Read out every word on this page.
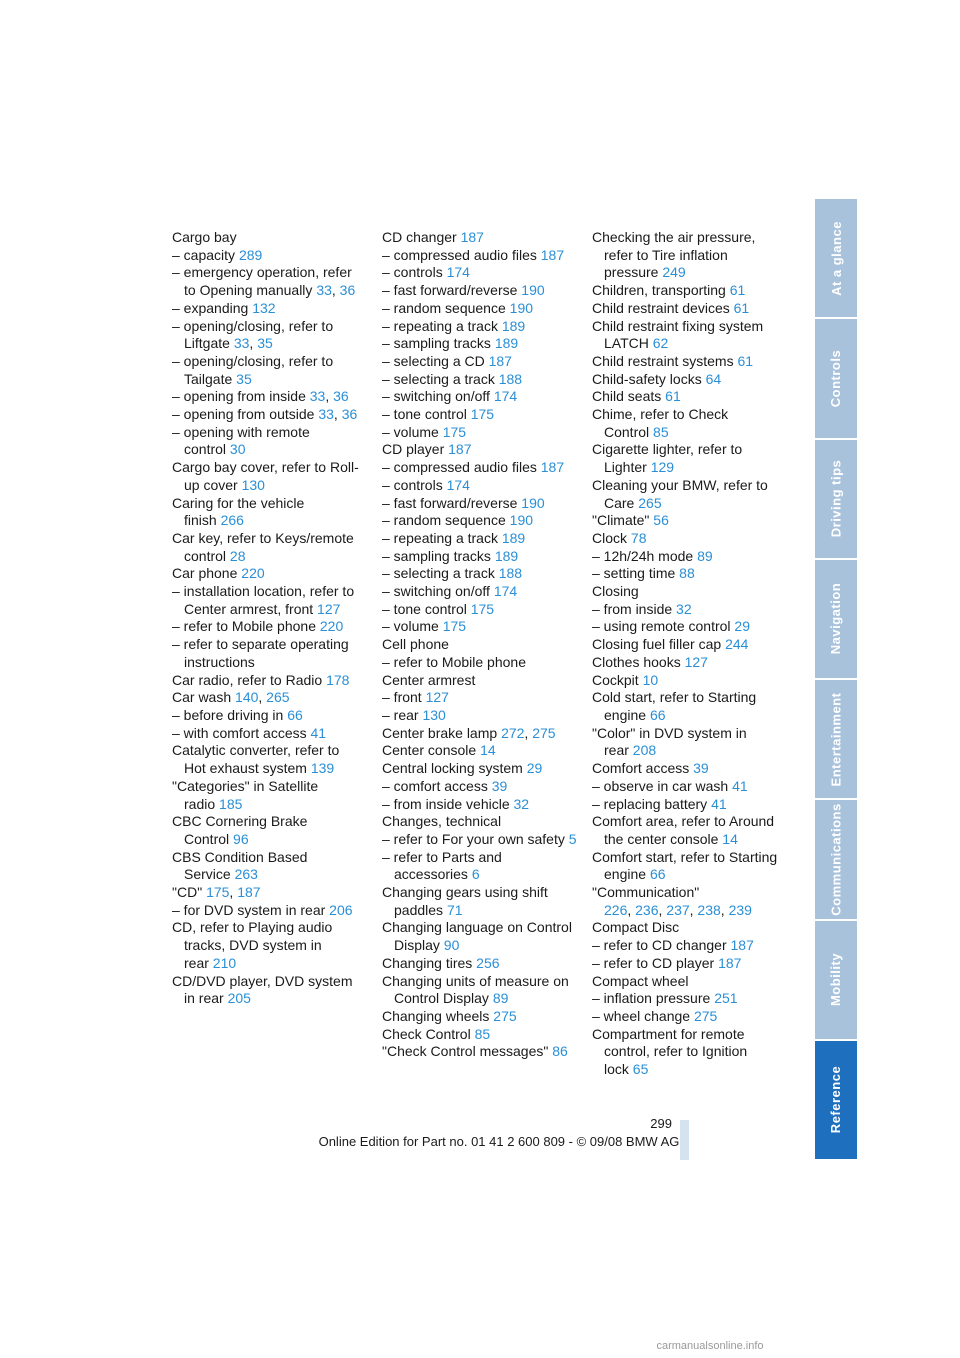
Cargo bay
– capacity 289
– emergency operation, refer to Opening manually 33, 36
– expanding 132
– opening/closing, refer to Liftgate 33, 35
– opening/closing, refer to Tailgate 35
– opening from inside 33, 36
– opening from outside 33, 36
– opening with remote control 30
Cargo bay cover, refer to Roll-up cover 130
Caring for the vehicle finish 266
Car key, refer to Keys/remote control 28
Car phone 220
– installation location, refer to Center armrest, front 127
– refer to Mobile phone 220
– refer to separate operating instructions
Car radio, refer to Radio 178
Car wash 140, 265
– before driving in 66
– with comfort access 41
Catalytic converter, refer to Hot exhaust system 139
"Categories" in Satellite radio 185
CBC Cornering Brake Control 96
CBS Condition Based Service 263
"CD" 175, 187
– for DVD system in rear 206
CD, refer to Playing audio tracks, DVD system in rear 210
CD/DVD player, DVD system in rear 205
CD changer 187
– compressed audio files 187
– controls 174
– fast forward/reverse 190
– random sequence 190
– repeating a track 189
– sampling tracks 189
– selecting a CD 187
– selecting a track 188
– switching on/off 174
– tone control 175
– volume 175
CD player 187
– compressed audio files 187
– controls 174
– fast forward/reverse 190
– random sequence 190
– repeating a track 189
– sampling tracks 189
– selecting a track 188
– switching on/off 174
– tone control 175
– volume 175
Cell phone
– refer to Mobile phone
Center armrest
– front 127
– rear 130
Center brake lamp 272, 275
Center console 14
Central locking system 29
– comfort access 39
– from inside vehicle 32
Changes, technical
– refer to For your own safety 5
– refer to Parts and accessories 6
Changing gears using shift paddles 71
Changing language on Control Display 90
Changing tires 256
Changing units of measure on Control Display 89
Changing wheels 275
Check Control 85
"Check Control messages" 86
Checking the air pressure, refer to Tire inflation pressure 249
Children, transporting 61
Child restraint devices 61
Child restraint fixing system LATCH 62
Child restraint systems 61
Child-safety locks 64
Child seats 61
Chime, refer to Check Control 85
Cigarette lighter, refer to Lighter 129
Cleaning your BMW, refer to Care 265
"Climate" 56
Clock 78
– 12h/24h mode 89
– setting time 88
Closing
– from inside 32
– using remote control 29
Closing fuel filler cap 244
Clothes hooks 127
Cockpit 10
Cold start, refer to Starting engine 66
"Color" in DVD system in rear 208
Comfort access 39
– observe in car wash 41
– replacing battery 41
Comfort area, refer to Around the center console 14
Comfort start, refer to Starting engine 66
"Communication"
226, 236, 237, 238, 239
Compact Disc
– refer to CD changer 187
– refer to CD player 187
Compact wheel
– inflation pressure 251
– wheel change 275
Compartment for remote control, refer to Ignition lock 65
At a glance
Controls
Driving tips
Navigation
Entertainment
Communications
Mobility
Reference
299
Online Edition for Part no. 01 41 2 600 809 - © 09/08 BMW AG
carmanualsonline.info
